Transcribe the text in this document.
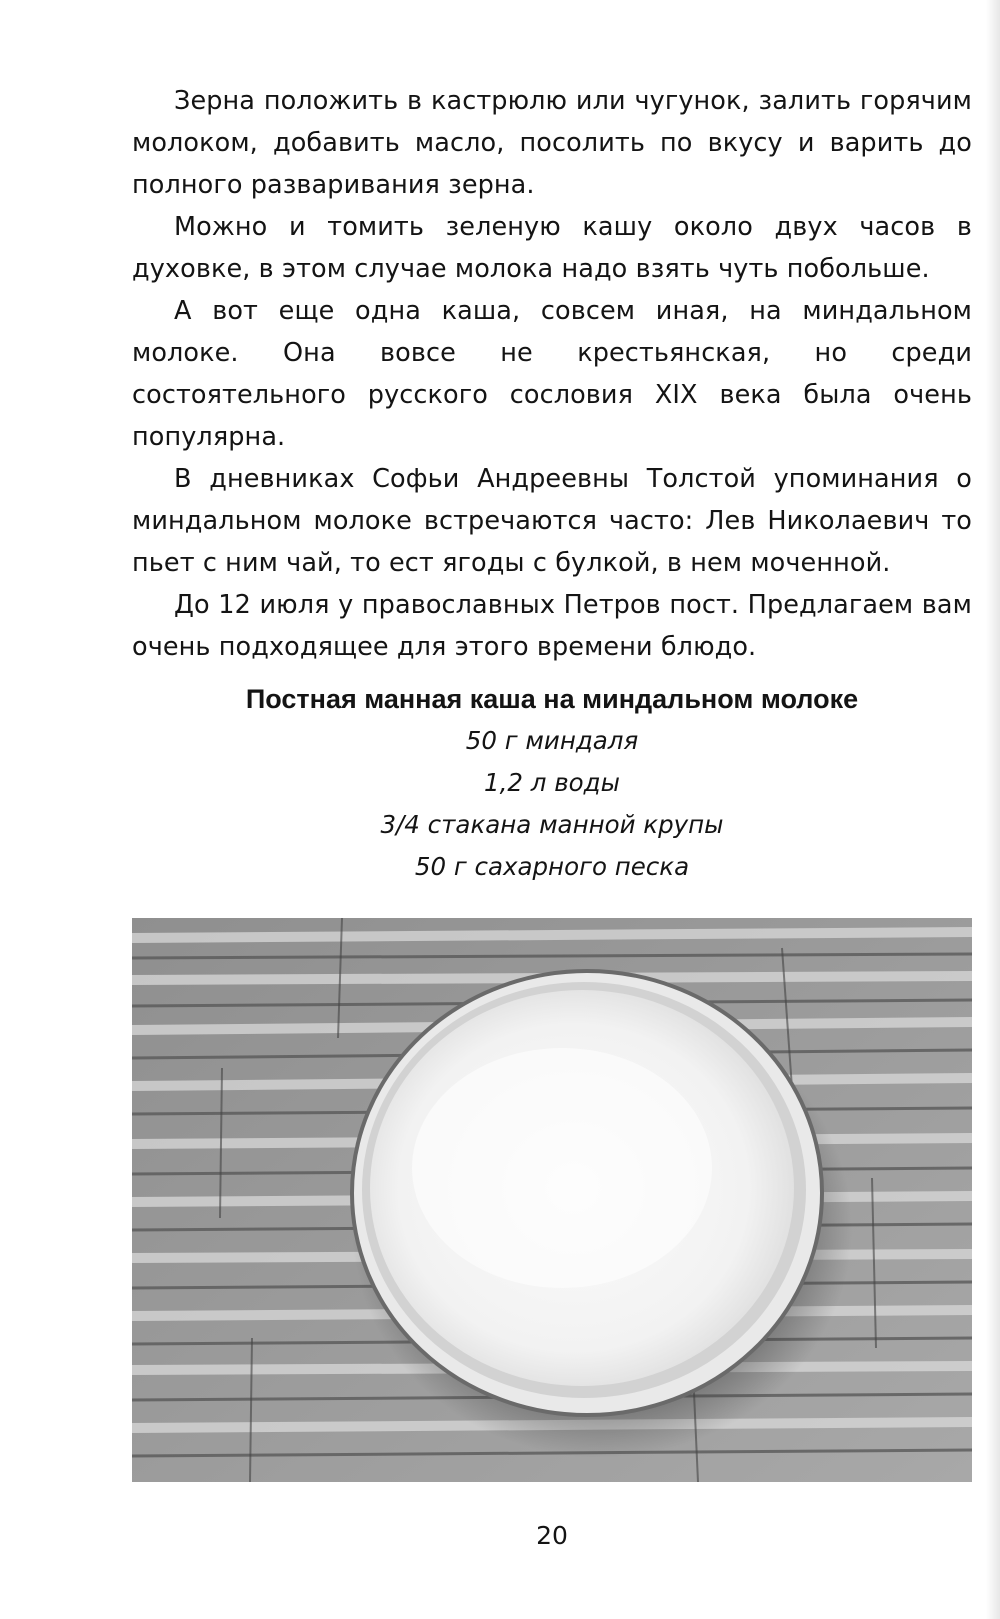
Зерна положить в кастрюлю или чугунок, залить горячим молоком, добавить масло, посолить по вкусу и варить до полного разваривания зерна.

Можно и томить зеленую кашу около двух часов в духовке, в этом случае молока надо взять чуть побольше.

А вот еще одна каша, совсем иная, на миндальном молоке. Она вовсе не крестьянская, но среди состоятельного русского сословия XIX века была очень популярна.

В дневниках Софьи Андреевны Толстой упоминания о миндальном молоке встречаются часто: Лев Николаевич то пьет с ним чай, то ест ягоды с булкой, в нем моченной.

До 12 июля у православных Петров пост. Предлагаем вам очень подходящее для этого времени блюдо.

Постная манная каша на миндальном молоке

50 г миндаля

1,2 л воды

3/4 стакана манной крупы

50 г сахарного песка

20
